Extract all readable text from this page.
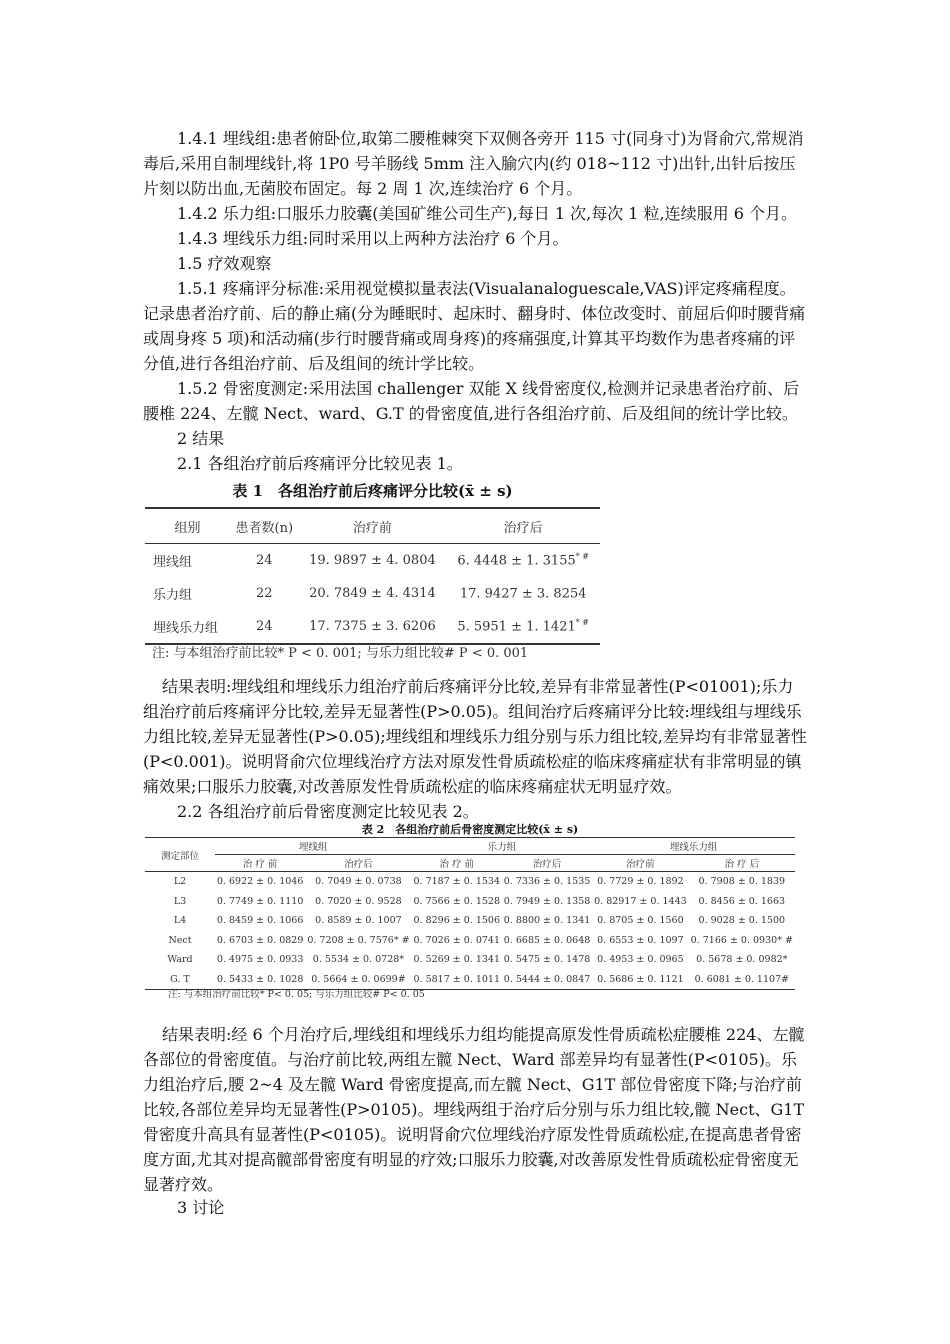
1.4.1 埋线组:患者俯卧位,取第二腰椎棘突下双侧各旁开 115 寸(同身寸)为肾俞穴,常规消毒后,采用自制埋线针,将 1P0 号羊肠线 5mm 注入腧穴内(约 018~112 寸)出针,出针后按压片刻以防出血,无菌胶布固定。每 2 周 1 次,连续治疗 6 个月。

1.4.2 乐力组:口服乐力胶囊(美国矿维公司生产),每日 1 次,每次 1 粒,连续服用 6 个月。

1.4.3 埋线乐力组:同时采用以上两种方法治疗 6 个月。

1.5 疗效观察

1.5.1 疼痛评分标准:采用视觉模拟量表法(Visualanaloguescale,VAS)评定疼痛程度。记录患者治疗前、后的静止痛(分为睡眠时、起床时、翻身时、体位改变时、前屈后仰时腰背痛或周身疼 5 项)和活动痛(步行时腰背痛或周身疼)的疼痛强度,计算其平均数作为患者疼痛的评分值,进行各组治疗前、后及组间的统计学比较。

1.5.2 骨密度测定:采用法国 challenger 双能 X 线骨密度仪,检测并记录患者治疗前、后腰椎 224、左髋 Nect、ward、G.T 的骨密度值,进行各组治疗前、后及组间的统计学比较。

2 结果

2.1 各组治疗前后疼痛评分比较见表 1。

表 1　各组治疗前后疼痛评分比较(x̄ ± s)
组别	患者数(n)	治疗前	治疗后
埋线组	24	19. 9897 ± 4. 0804	6. 4448 ± 1. 3155* #
乐力组	22	20. 7849 ± 4. 4314	17. 9427 ± 3. 8254
埋线乐力组	24	17. 7375 ± 3. 6206	5. 5951 ± 1. 1421* #
注: 与本组治疗前比较* P < 0. 001; 与乐力组比较# P < 0. 001

结果表明:埋线组和埋线乐力组治疗前后疼痛评分比较,差异有非常显著性(P<01001);乐力组治疗前后疼痛评分比较,差异无显著性(P>0.05)。组间治疗后疼痛评分比较:埋线组与埋线乐力组比较,差异无显著性(P>0.05);埋线组和埋线乐力组分别与乐力组比较,差异均有非常显著性(P<0.001)。说明肾俞穴位埋线治疗方法对原发性骨质疏松症的临床疼痛症状有非常明显的镇痛效果;口服乐力胶囊,对改善原发性骨质疏松症的临床疼痛症状无明显疗效。

2.2 各组治疗前后骨密度测定比较见表 2。

表 2　各组治疗前后骨密度测定比较(x̄ ± s)
测定部位	埋线组		乐力组		埋线乐力组	
	治 疗 前	治疗后	治 疗 前	治疗后	治疗前	治 疗 后
L2	0. 6922 ± 0. 1046	0. 7049 ± 0. 0738	0. 7187 ± 0. 1534	0. 7336 ± 0. 1535	0. 7729 ± 0. 1892	0. 7908 ± 0. 1839
L3	0. 7749 ± 0. 1110	0. 7020 ± 0. 9528	0. 7566 ± 0. 1528	0. 7949 ± 0. 1358	0. 82917 ± 0. 1443	0. 8456 ± 0. 1663
L4	0. 8459 ± 0. 1066	0. 8589 ± 0. 1007	0. 8296 ± 0. 1506	0. 8800 ± 0. 1341	0. 8705 ± 0. 1560	0. 9028 ± 0. 1500
Nect	0. 6703 ± 0. 0829	0. 7208 ± 0. 7576* #	0. 7026 ± 0. 0741	0. 6685 ± 0. 0648	0. 6553 ± 0. 1097	0. 7166 ± 0. 0930* #
Ward	0. 4975 ± 0. 0933	0. 5534 ± 0. 0728*	0. 5269 ± 0. 1341	0. 5475 ± 0. 1478	0. 4953 ± 0. 0965	0. 5678 ± 0. 0982*
G. T	0. 5433 ± 0. 1028	0. 5664 ± 0. 0699#	0. 5817 ± 0. 1011	0. 5444 ± 0. 0847	0. 5686 ± 0. 1121	0. 6081 ± 0. 1107#
注: 与本组治疗前比较* P< 0. 05; 与乐力组比较# P< 0. 05

结果表明:经 6 个月治疗后,埋线组和埋线乐力组均能提高原发性骨质疏松症腰椎 224、左髋各部位的骨密度值。与治疗前比较,两组左髋 Nect、Ward 部差异均有显著性(P<0105)。乐力组治疗后,腰 2~4 及左髋 Ward 骨密度提高,而左髋 Nect、G1T 部位骨密度下降;与治疗前比较,各部位差异均无显著性(P>0105)。埋线两组于治疗后分别与乐力组比较,髋 Nect、G1T 骨密度升高具有显著性(P<0105)。说明肾俞穴位埋线治疗原发性骨质疏松症,在提高患者骨密度方面,尤其对提高髋部骨密度有明显的疗效;口服乐力胶囊,对改善原发性骨质疏松症骨密度无显著疗效。

3 讨论
